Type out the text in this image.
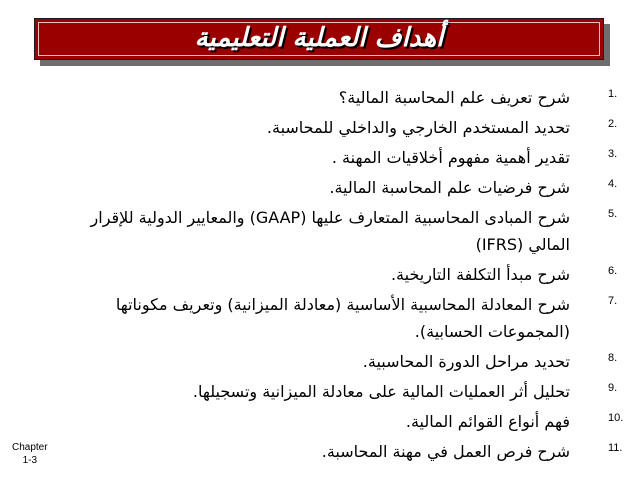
أهداف العملية التعليمية
1.
شرح تعريف علم المحاسبة المالية؟
2.
تحديد المستخدم الخارجي والداخلي للمحاسبة.
3.
تقدير أهمية مفهوم أخلاقيات المهنة .
4.
شرح فرضيات علم المحاسبة المالية.
5.
شرح المبادى المحاسبية المتعارف عليها (GAAP) والمعايير الدولية للإقرار المالي (IFRS)
6.
شرح مبدأ التكلفة التاريخية.
7.
شرح المعادلة المحاسبية الأساسية (معادلة الميزانية) وتعريف مكوناتها (المجموعات الحسابية).
8.
تحديد مراحل الدورة المحاسبية.
9.
تحليل أثر العمليات المالية على معادلة الميزانية وتسجيلها.
10.
فهم أنواع القوائم المالية.
11.
شرح فرص العمل في مهنة المحاسبة.
Chapter
1-3
